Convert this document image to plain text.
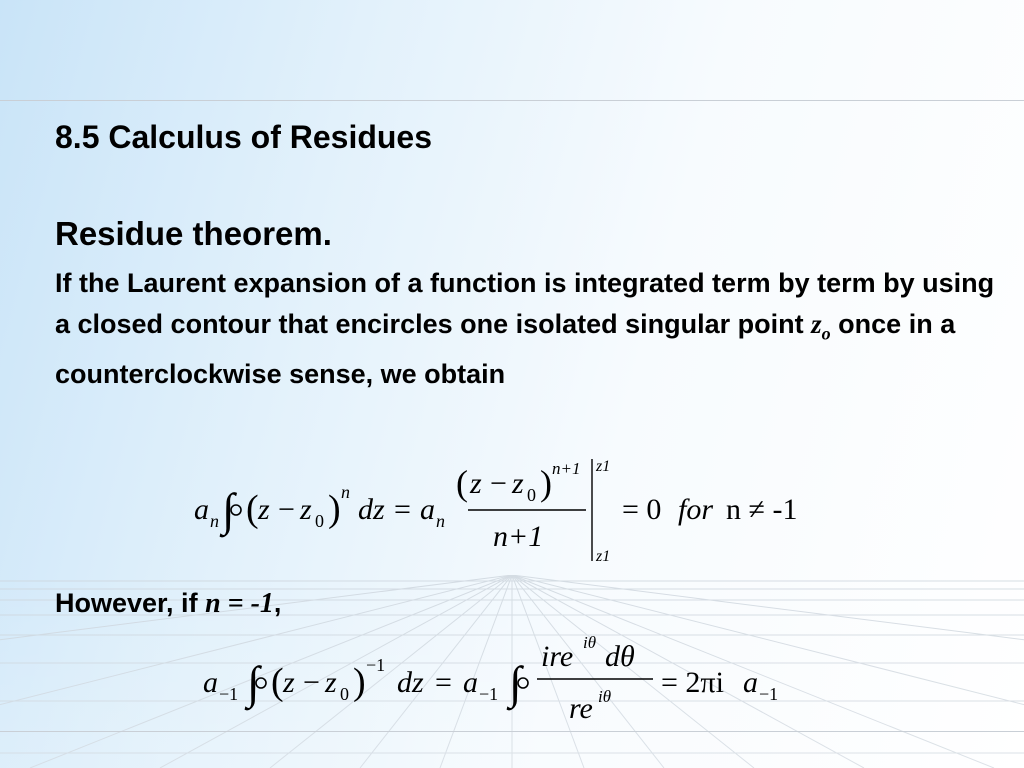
8.5 Calculus of Residues
Residue theorem.

If the Laurent expansion of a function is integrated term by term by using a closed contour that encircles one isolated singular point $z_o$ once in a counterclockwise sense, we obtain

a n ∫ ( z − z 0 ) n
dz = a n
( z − z 0 ) n+1
n+1
z1
z1
= 0 for n ≠ -1

However, if n = -1,

a −1 ∫ ( z − z 0 ) −1
dz = a −1 ∫
ire iθ dθ
re iθ = 2πi a −1
